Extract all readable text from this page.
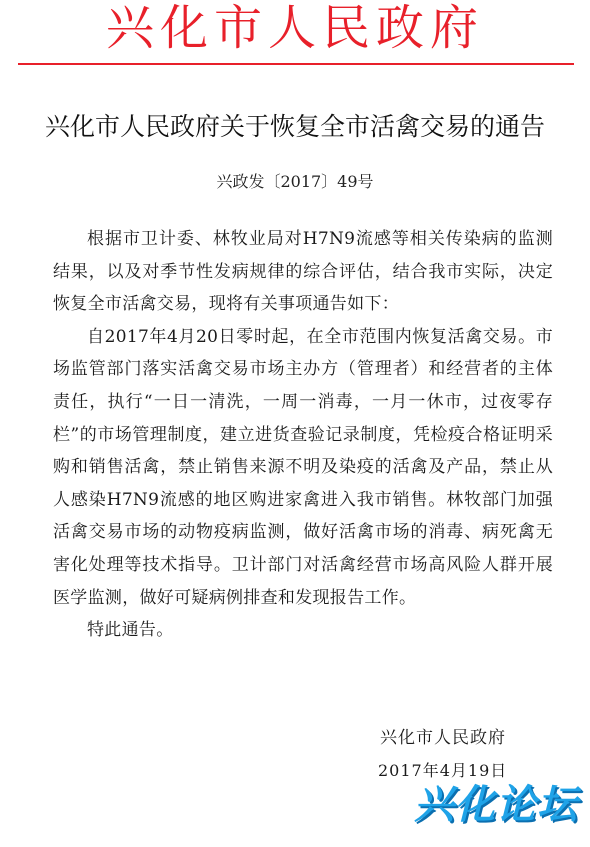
兴化市人民政府
兴化市人民政府关于恢复全市活禽交易的通告
兴政发〔2017〕49号

根据市卫计委、林牧业局对H7N9流感等相关传染病的监测结果，以及对季节性发病规律的综合评估，结合我市实际，决定恢复全市活禽交易，现将有关事项通告如下：

自2017年4月20日零时起，在全市范围内恢复活禽交易。市场监管部门落实活禽交易市场主办方（管理者）和经营者的主体责任，执行“一日一清洗，一周一消毒，一月一休市，过夜零存栏”的市场管理制度，建立进货查验记录制度，凭检疫合格证明采购和销售活禽，禁止销售来源不明及染疫的活禽及产品，禁止从人感染H7N9流感的地区购进家禽进入我市销售。林牧部门加强活禽交易市场的动物疫病监测，做好活禽市场的消毒、病死禽无害化处理等技术指导。卫计部门对活禽经营市场高风险人群开展医学监测，做好可疑病例排查和发现报告工作。

特此通告。

兴化市人民政府
2017年4月19日
兴化论坛
